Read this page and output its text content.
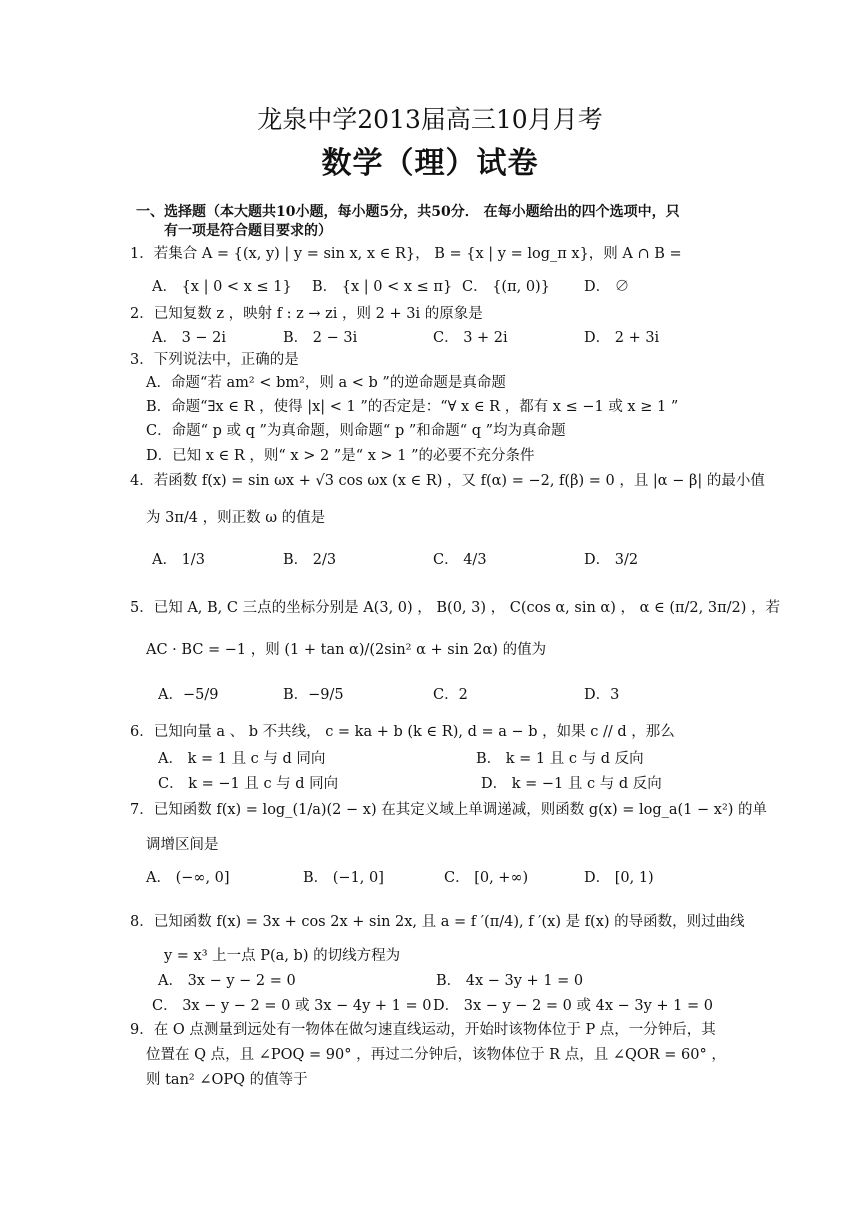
龙泉中学2013届高三10月月考
数学（理）试卷
一、选择题（本大题共10小题，每小题5分，共50分． 在每小题给出的四个选项中，只
有一项是符合题目要求的）
1．若集合 A = {(x, y) | y = sin x, x ∈ R}， B = {x | y = log_π x}，则 A ∩ B =
A． {x | 0 < x ≤ 1} B． {x | 0 < x ≤ π} C． {(π, 0)} D． ∅
2．已知复数 z ，映射 f : z → zi ，则 2 + 3i 的原象是
A． 3 − 2i	B． 2 − 3i	C． 3 + 2i	D． 2 + 3i
3．下列说法中，正确的是
A．命题“若 am² < bm²，则 a < b ”的逆命题是真命题
B．命题“∃x ∈ R ，使得 |x| < 1 ”的否定是：“∀ x ∈ R ，都有 x ≤ −1 或 x ≥ 1 ”
C．命题“ p 或 q ”为真命题，则命题“ p ”和命题“ q ”均为真命题
D．已知 x ∈ R ，则“ x > 2 ”是“ x > 1 ”的必要不充分条件
4．若函数 f(x) = sin ωx + √3 cos ωx (x ∈ R) ，又 f(α) = −2, f(β) = 0 ，且 |α − β| 的最小值
为 3π/4 ，则正数 ω 的值是
A． 1/3	B． 2/3	C． 4/3	D． 3/2
5．已知 A, B, C 三点的坐标分别是 A(3, 0) ， B(0, 3) ， C(cos α, sin α) ， α ∈ (π/2, 3π/2) ，若
AC · BC = −1 ，则 (1 + tan α)/(2sin² α + sin 2α) 的值为
A．−5/9	B．−9/5	C．2	D．3
6．已知向量 a 、 b 不共线， c = ka + b (k ∈ R), d = a − b ，如果 c // d ，那么
A． k = 1 且 c 与 d 同向	B． k = 1 且 c 与 d 反向
C． k = −1 且 c 与 d 同向	D． k = −1 且 c 与 d 反向
7．已知函数 f(x) = log_(1/a)(2 − x) 在其定义域上单调递减，则函数 g(x) = log_a(1 − x²) 的单
调增区间是
A． (−∞, 0]	B． (−1, 0]	C． [0, +∞)	D． [0, 1)
8．已知函数 f(x) = 3x + cos 2x + sin 2x, 且 a = f ′(π/4), f ′(x) 是 f(x) 的导函数，则过曲线
y = x³ 上一点 P(a, b) 的切线方程为
A． 3x − y − 2 = 0	B． 4x − 3y + 1 = 0
C． 3x − y − 2 = 0 或 3x − 4y + 1 = 0 D． 3x − y − 2 = 0 或 4x − 3y + 1 = 0
9．在 O 点测量到远处有一物体在做匀速直线运动，开始时该物体位于 P 点，一分钟后，其
位置在 Q 点，且 ∠POQ = 90° ，再过二分钟后，该物体位于 R 点，且 ∠QOR = 60° ，
则 tan² ∠OPQ 的值等于
